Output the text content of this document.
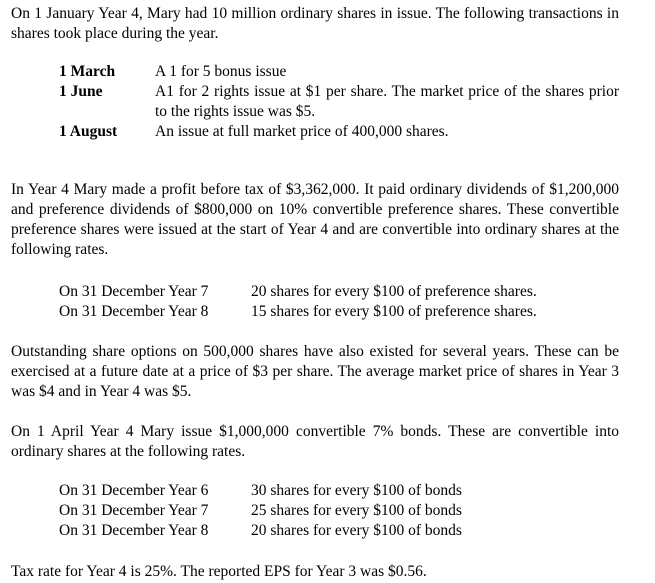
On 1 January Year 4, Mary had 10 million ordinary shares in issue. The following transactions in shares took place during the year.

1 March	A 1 for 5 bonus issue
1 June	A1 for 2 rights issue at $1 per share. The market price of the shares prior to the rights issue was $5.
1 August An issue at full market price of 400,000 shares.

In Year 4 Mary made a profit before tax of $3,362,000. It paid ordinary dividends of $1,200,000 and preference dividends of $800,000 on 10% convertible preference shares. These convertible preference shares were issued at the start of Year 4 and are convertible into ordinary shares at the following rates.

On 31 December Year 7	20 shares for every $100 of preference shares.
On 31 December Year 8	15 shares for every $100 of preference shares.

Outstanding share options on 500,000 shares have also existed for several years. These can be exercised at a future date at a price of $3 per share. The average market price of shares in Year 3 was $4 and in Year 4 was $5.

On 1 April Year 4 Mary issue $1,000,000 convertible 7% bonds. These are convertible into ordinary shares at the following rates.

On 31 December Year 6	30 shares for every $100 of bonds
On 31 December Year 7	25 shares for every $100 of bonds
On 31 December Year 8	20 shares for every $100 of bonds

Tax rate for Year 4 is 25%. The reported EPS for Year 3 was $0.56.
